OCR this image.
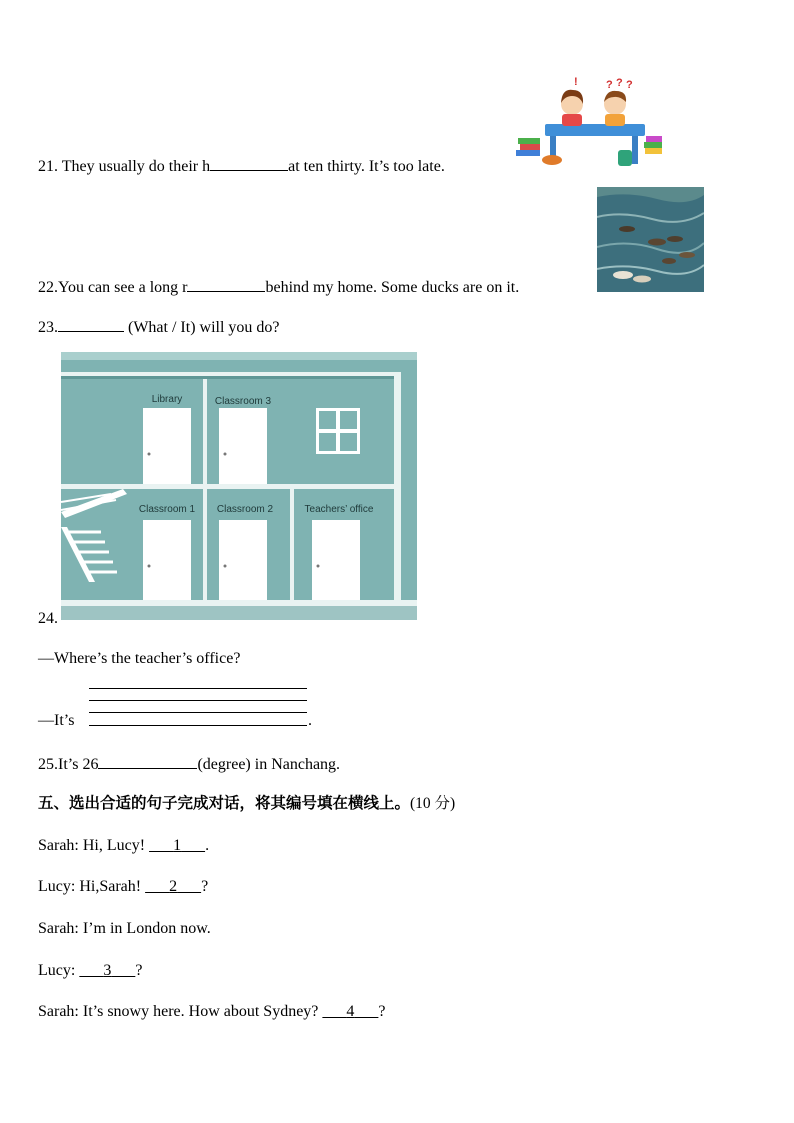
? ? ?
!
21. They usually do their h	at ten thirty. It’s too late.
22.You can see a long r	behind my home. Some ducks are on it.
23.	(What / It) will you do?
Library	Classroom 3
Classroom 1 Classroom 2	Teachers’ office
24.
—Where’s the teacher’s office?
—It’s	.
25.It’s 26	(degree) in Nanchang.
五、选出合适的句子完成对话，将其编号填在横线上。(10 分)
Sarah: Hi, Lucy!    1    .
Lucy: Hi,Sarah!    2    ?
Sarah: I’m in London now.
Lucy:    3    ?
Sarah: It’s snowy here. How about Sydney?    4    ?
